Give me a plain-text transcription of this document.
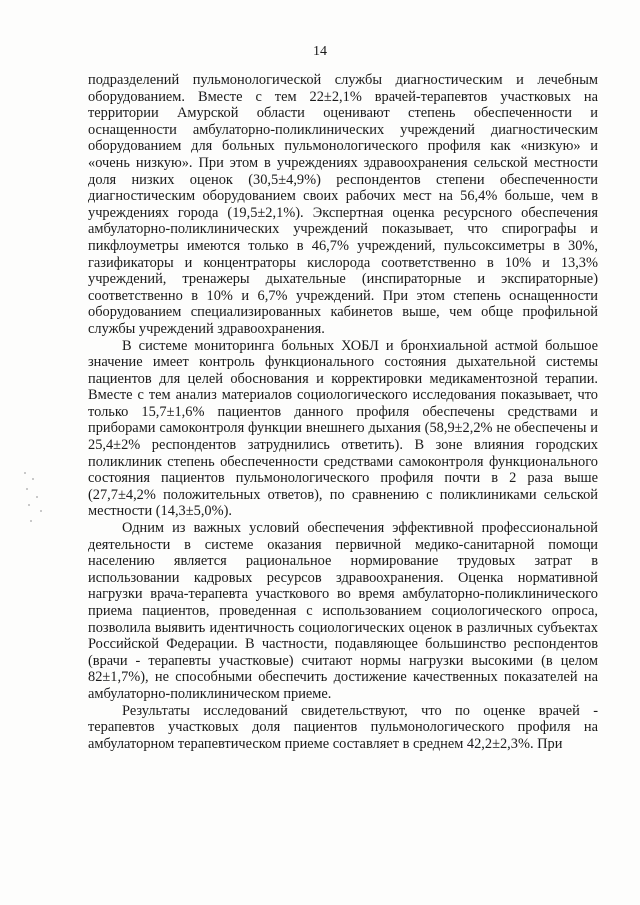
14

подразделений пульмонологической службы диагностическим и лечебным оборудованием. Вместе с тем 22±2,1% врачей-терапевтов участковых на территории Амурской области оценивают степень обеспеченности и оснащенности амбулаторно-поликлинических учреждений диагностическим оборудованием для больных пульмонологического профиля как «низкую» и «очень низкую». При этом в учреждениях здравоохранения сельской местности доля низких оценок (30,5±4,9%) респондентов степени обеспеченности диагностическим оборудованием своих рабочих мест на 56,4% больше, чем в учреждениях города (19,5±2,1%). Экспертная оценка ресурсного обеспечения амбулаторно-поликлинических учреждений показывает, что спирографы и пикфлоуметры имеются только в 46,7% учреждений, пульсоксиметры в 30%, газификаторы и концентраторы кислорода соответственно в 10% и 13,3% учреждений, тренажеры дыхательные (инспираторные и экспираторные) соответственно в 10% и 6,7% учреждений. При этом степень оснащенности оборудованием специализированных кабинетов выше, чем обще профильной службы учреждений здравоохранения.

В системе мониторинга больных ХОБЛ и бронхиальной астмой большое значение имеет контроль функционального состояния дыхательной системы пациентов для целей обоснования и корректировки медикаментозной терапии. Вместе с тем анализ материалов социологического исследования показывает, что только 15,7±1,6% пациентов данного профиля обеспечены средствами и приборами самоконтроля функции внешнего дыхания (58,9±2,2% не обеспечены и 25,4±2% респондентов затруднились ответить). В зоне влияния городских поликлиник степень обеспеченности средствами самоконтроля функционального состояния пациентов пульмонологического профиля почти в 2 раза выше (27,7±4,2% положительных ответов), по сравнению с поликлиниками сельской местности (14,3±5,0%).

Одним из важных условий обеспечения эффективной профессиональной деятельности в системе оказания первичной медико-санитарной помощи населению является рациональное нормирование трудовых затрат в использовании кадровых ресурсов здравоохранения. Оценка нормативной нагрузки врача-терапевта участкового во время амбулаторно-поликлинического приема пациентов, проведенная с использованием социологического опроса, позволила выявить идентичность социологических оценок в различных субъектах Российской Федерации. В частности, подавляющее большинство респондентов (врачи - терапевты участковые) считают нормы нагрузки высокими (в целом 82±1,7%), не способными обеспечить достижение качественных показателей на амбулаторно-поликлиническом приеме.

Результаты исследований свидетельствуют, что по оценке врачей - терапевтов участковых доля пациентов пульмонологического профиля на амбулаторном терапевтическом приеме составляет в среднем 42,2±2,3%. При
